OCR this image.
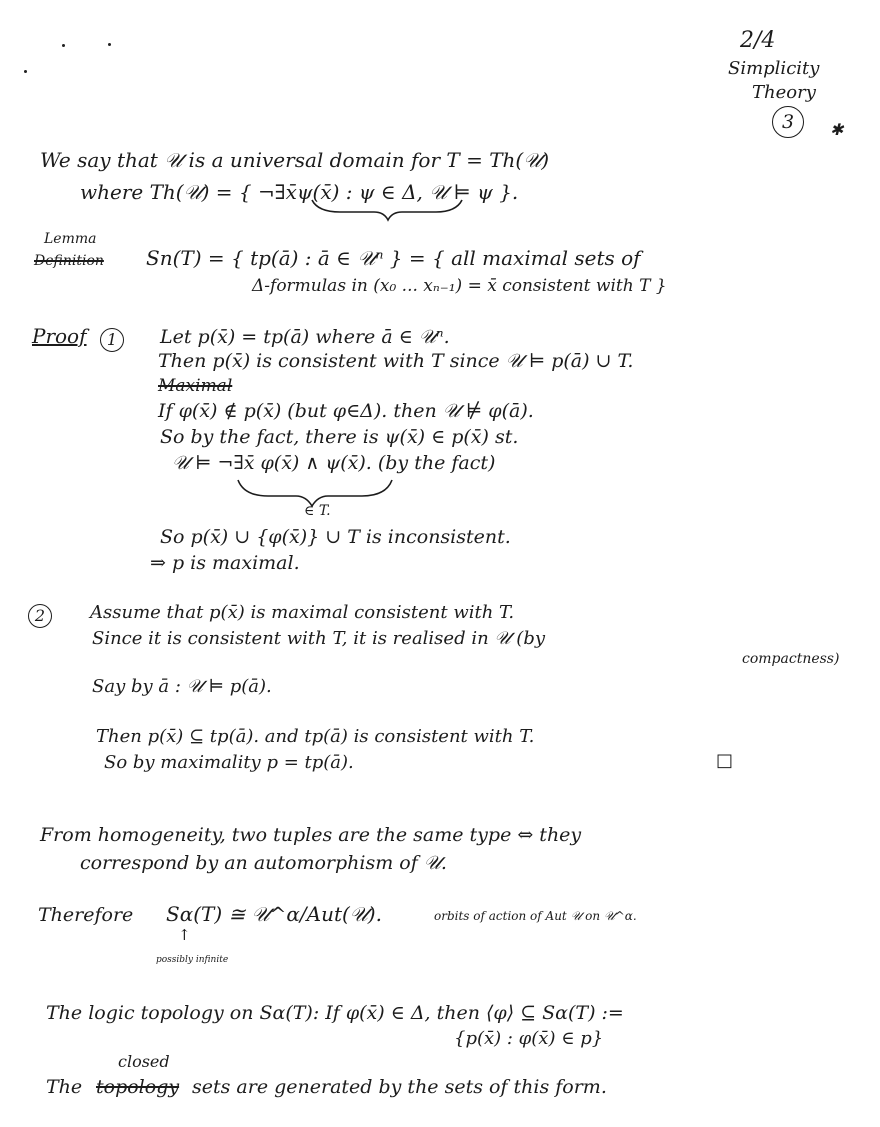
2/4
Simplicity
Theory
3	✱
We say that 𝒰 is a universal domain for T = Th(𝒰)
where Th(𝒰) = { ¬∃x̄ψ(x̄) : ψ ∈ Δ, 𝒰 ⊨ ψ }.
Lemma
Definition Sn(T) = { tp(ā) : ā ∈ 𝒰ⁿ } = { all maximal sets of
Δ-formulas in (x₀ ... xₙ₋₁) = x̄ consistent with T }
Proof	1	Let p(x̄) = tp(ā) where ā ∈ 𝒰ⁿ.
Then p(x̄) is consistent with T since 𝒰 ⊨ p(ā) ∪ T.
Maximal
If φ(x̄) ∉ p(x̄) (but φ∈Δ). then 𝒰 ⊭ φ(ā).
So by the fact, there is ψ(x̄) ∈ p(x̄) st.
𝒰 ⊨ ¬∃x̄ φ(x̄) ∧ ψ(x̄). (by the fact)
∈ T.
So p(x̄) ∪ {φ(x̄)} ∪ T is inconsistent.
⇒ p is maximal.
2	Assume that p(x̄) is maximal consistent with T.
Since it is consistent with T, it is realised in 𝒰 (by
compactness)
Say by ā : 𝒰 ⊨ p(ā).
Then p(x̄) ⊆ tp(ā). and tp(ā) is consistent with T.
So by maximality p = tp(ā).	□
From homogeneity, two tuples are the same type ⇔ they
correspond by an automorphism of 𝒰.
Therefore Sα(T) ≅ 𝒰^α/Aut(𝒰).	orbits of action of Aut 𝒰 on 𝒰^α.
↑
possibly infinite
The logic topology on Sα(T): If φ(x̄) ∈ Δ, then ⟨φ⟩ ⊆ Sα(T) :=
{p(x̄) : φ(x̄) ∈ p}
closed
The topology sets are generated by the sets of this form.
